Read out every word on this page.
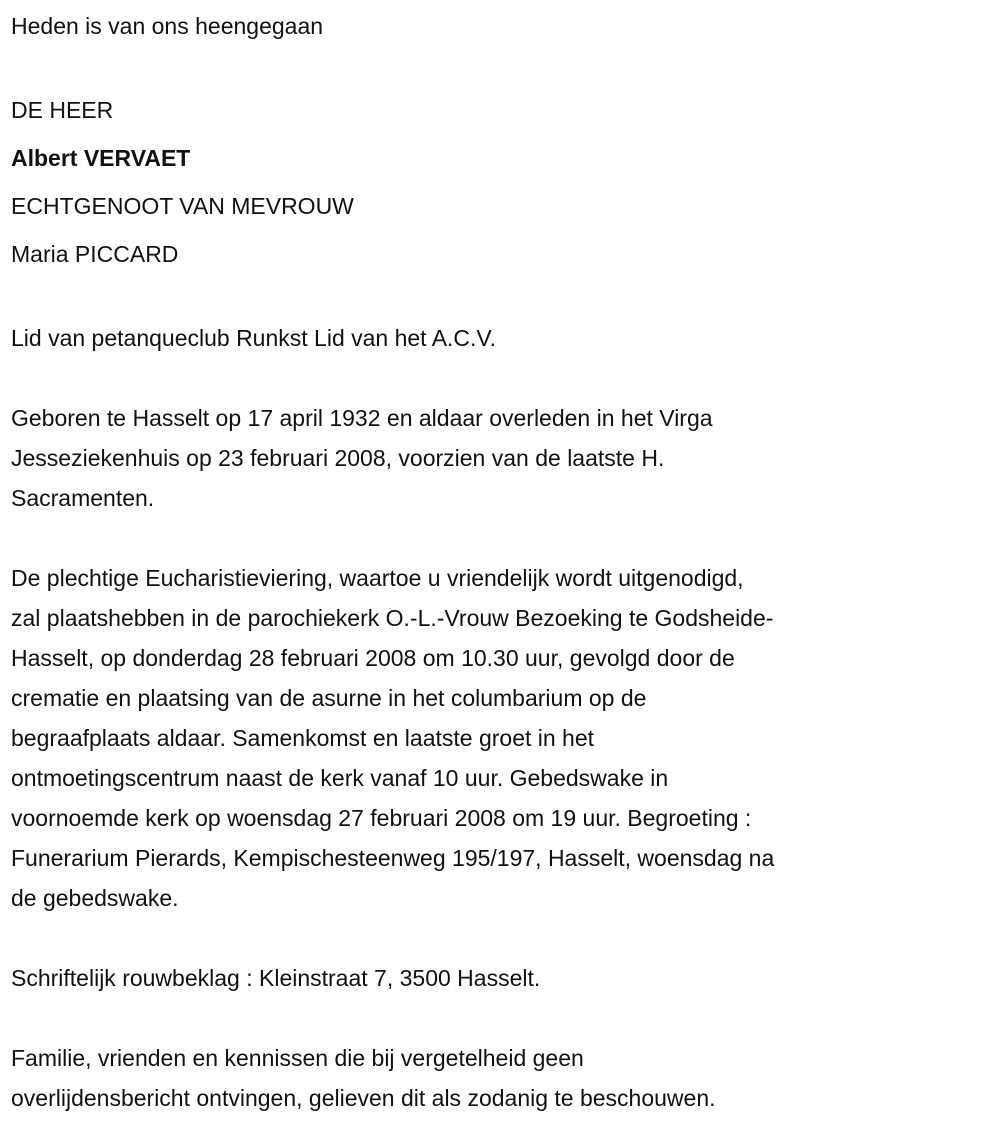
Heden is van ons heengegaan
DE HEER
Albert VERVAET
ECHTGENOOT VAN MEVROUW
Maria PICCARD
Lid van petanqueclub Runkst Lid van het A.C.V.
Geboren te Hasselt op 17 april 1932 en aldaar overleden in het Virga
Jesseziekenhuis op 23 februari 2008, voorzien van de laatste H.
Sacramenten.
De plechtige Eucharistieviering, waartoe u vriendelijk wordt uitgenodigd,
zal plaatshebben in de parochiekerk O.-L.-Vrouw Bezoeking te Godsheide-
Hasselt, op donderdag 28 februari 2008 om 10.30 uur, gevolgd door de
crematie en plaatsing van de asurne in het columbarium op de
begraafplaats aldaar. Samenkomst en laatste groet in het
ontmoetingscentrum naast de kerk vanaf 10 uur. Gebedswake in
voornoemde kerk op woensdag 27 februari 2008 om 19 uur. Begroeting :
Funerarium Pierards, Kempischesteenweg 195/197, Hasselt, woensdag na
de gebedswake.
Schriftelijk rouwbeklag : Kleinstraat 7, 3500 Hasselt.
Familie, vrienden en kennissen die bij vergetelheid geen
overlijdensbericht ontvingen, gelieven dit als zodanig te beschouwen.
